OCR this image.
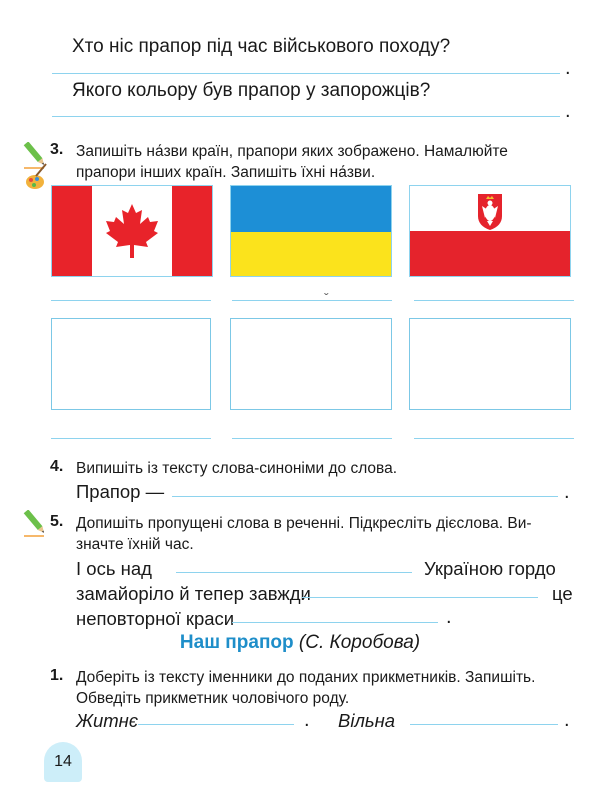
Хто ніс прапор під час військового походу?
.
Якого кольору був прапор у запорожців?
.
3. Запишіть на́зви країн, прапори яких зображено. Намалюйте
прапори інших країн. Запишіть їхні на́зви.
ˇ
4. Випишіть із тексту слова-синоніми до слова.
Прапор —	.
5. Допишіть пропущені слова в реченні. Підкресліть дієслова. Ви-
значте їхній час.
І ось над	Україною гордо
замайоріло й тепер завжди	це
неповторної краси	.
Наш прапор (С. Коробова)
1. Доберіть із тексту іменники до поданих прикметників. Запишіть.
Обведіть прикметник чоловічого роду.
Житнє	. Вільна	.
14
